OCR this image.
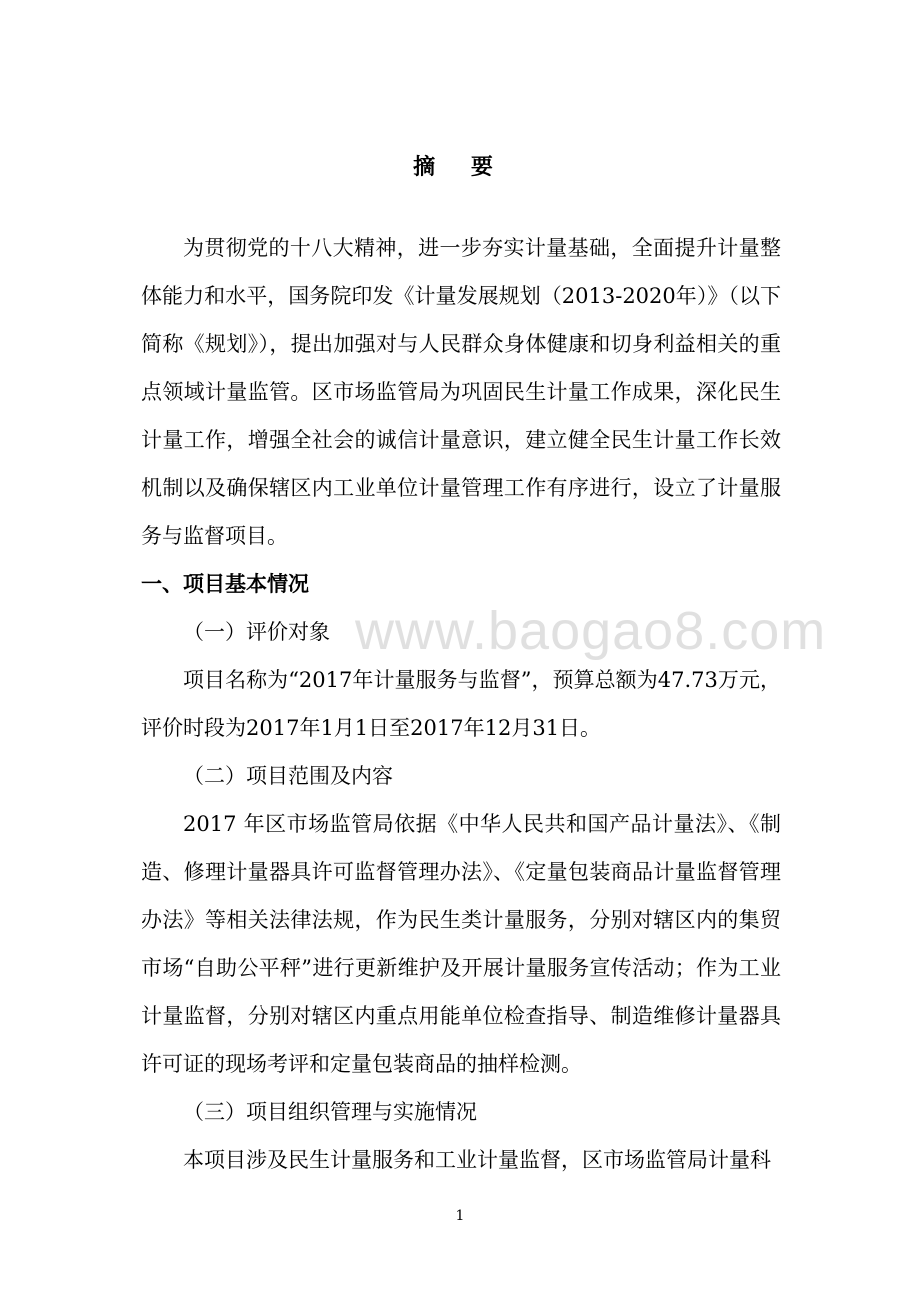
摘 要

为贯彻党的十八大精神，进一步夯实计量基础，全面提升计量整体能力和水平，国务院印发《计量发展规划（2013-2020年）》（以下简称《规划》），提出加强对与人民群众身体健康和切身利益相关的重点领域计量监管。区市场监管局为巩固民生计量工作成果，深化民生计量工作，增强全社会的诚信计量意识，建立健全民生计量工作长效机制以及确保辖区内工业单位计量管理工作有序进行，设立了计量服务与监督项目。

一、项目基本情况

（一）评价对象

项目名称为“2017年计量服务与监督”，预算总额为47.73万元，评价时段为2017年1月1日至2017年12月31日。

（二）项目范围及内容

2017 年区市场监管局依据《中华人民共和国产品计量法》、《制造、修理计量器具许可监督管理办法》、《定量包装商品计量监督管理办法》等相关法律法规，作为民生类计量服务，分别对辖区内的集贸市场“自助公平秤”进行更新维护及开展计量服务宣传活动；作为工业计量监督，分别对辖区内重点用能单位检查指导、制造维修计量器具许可证的现场考评和定量包装商品的抽样检测。

（三）项目组织管理与实施情况

本项目涉及民生计量服务和工业计量监督，区市场监管局计量科

www.baogao8.com
1
